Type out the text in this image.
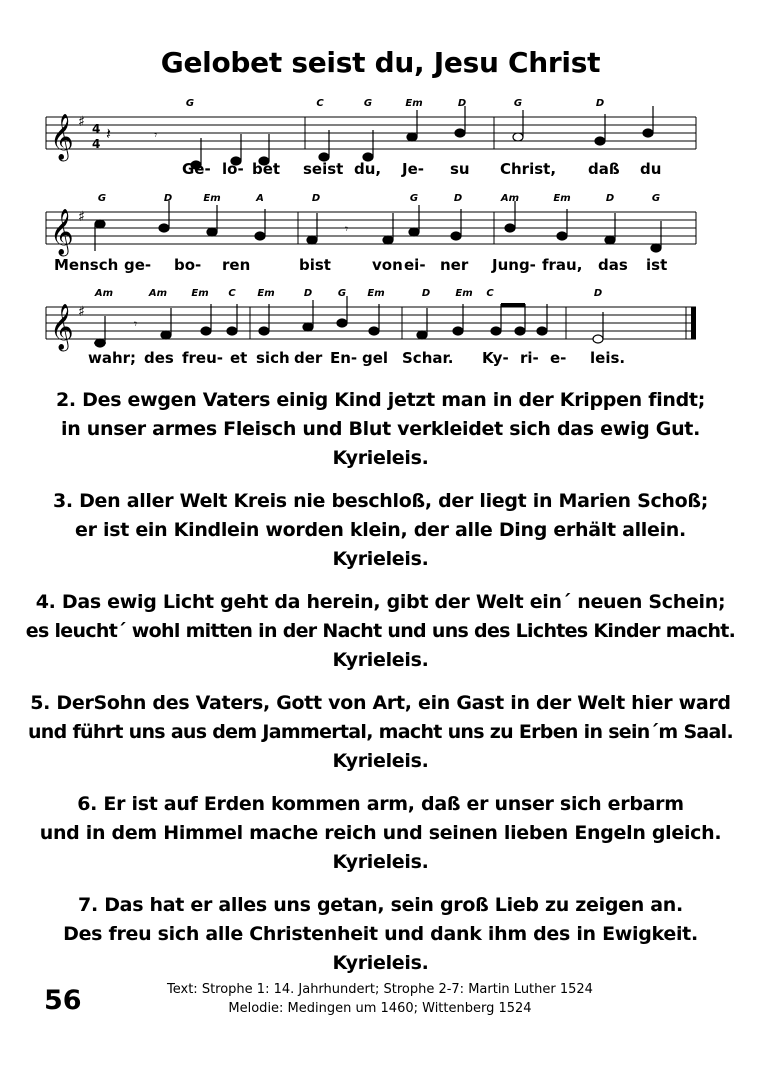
Gelobet seist du, Jesu Christ
𝄞 ♯ 4
4
𝄽	𝄾
G	C	G	Em	D	G	D
Ge- lo- bet seist du, Je- su Christ, daß du
𝄞 ♯
𝄾
G	D	Em	A	D	G	D	Am	Em	D	G
Mensch ge- bo- ren	bist	von ei- ner Jung- frau, das ist
𝄞 ♯
𝄾
Am	Am Em C Em	D	G Em	D	Em C	D
wahr; des freu- et sich der En- gel Schar. Ky- ri- e- leis.
2. Des ewgen Vaters einig Kind jetzt man in der Krippen findt;
in unser armes Fleisch und Blut verkleidet sich das ewig Gut.
Kyrieleis.
3. Den aller Welt Kreis nie beschloß, der liegt in Marien Schoß;
er ist ein Kindlein worden klein, der alle Ding erhält allein.
Kyrieleis.
4. Das ewig Licht geht da herein, gibt der Welt ein´ neuen Schein;
es leucht´ wohl mitten in der Nacht und uns des Lichtes Kinder macht.
Kyrieleis.
5. DerSohn des Vaters, Gott von Art, ein Gast in der Welt hier ward
und führt uns aus dem Jammertal, macht uns zu Erben in sein´m Saal.
Kyrieleis.
6. Er ist auf Erden kommen arm, daß er unser sich erbarm
und in dem Himmel mache reich und seinen lieben Engeln gleich.
Kyrieleis.
7. Das hat er alles uns getan, sein groß Lieb zu zeigen an.
Des freu sich alle Christenheit und dank ihm des in Ewigkeit.
Kyrieleis.
56	Text: Strophe 1: 14. Jahrhundert; Strophe 2-7: Martin Luther 1524
Melodie: Medingen um 1460; Wittenberg 1524
